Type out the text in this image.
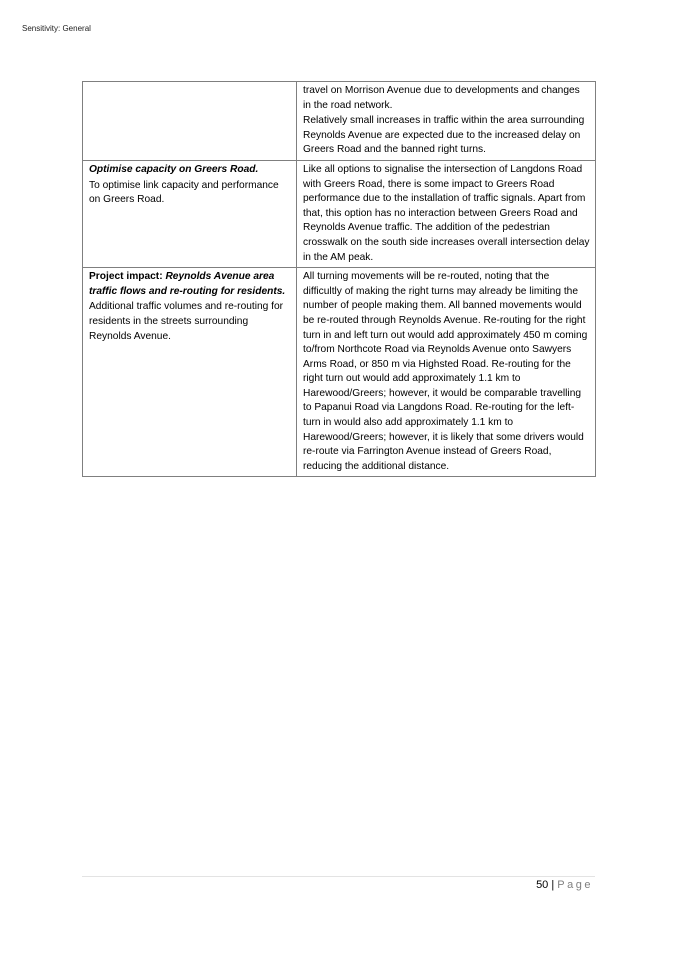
Sensitivity: General

	travel on Morrison Avenue due to developments and changes in the road network.

Relatively small increases in traffic within the area surrounding Reynolds Avenue are expected due to the increased delay on Greers Road and the banned right turns.

Optimise capacity on Greers Road.

To optimise link capacity and performance on Greers Road.	Like all options to signalise the intersection of Langdons Road with Greers Road, there is some impact to Greers Road performance due to the installation of traffic signals. Apart from that, this option has no interaction between Greers Road and Reynolds Avenue traffic. The addition of the pedestrian crosswalk on the south side increases overall intersection delay in the AM peak.

Project impact: Reynolds Avenue area traffic flows and re-routing for residents.

Additional traffic volumes and re-routing for residents in the streets surrounding Reynolds Avenue.	All turning movements will be re-routed, noting that the difficultly of making the right turns may already be limiting the number of people making them. All banned movements would be re-routed through Reynolds Avenue. Re-routing for the right turn in and left turn out would add approximately 450 m coming to/from Northcote Road via Reynolds Avenue onto Sawyers Arms Road, or 850 m via Highsted Road. Re-routing for the right turn out would add approximately 1.1 km to Harewood/Greers; however, it would be comparable travelling to Papanui Road via Langdons Road. Re-routing for the left-turn in would also add approximately 1.1 km to Harewood/Greers; however, it is likely that some drivers would re-route via Farrington Avenue instead of Greers Road, reducing the additional distance.

50 | Page
